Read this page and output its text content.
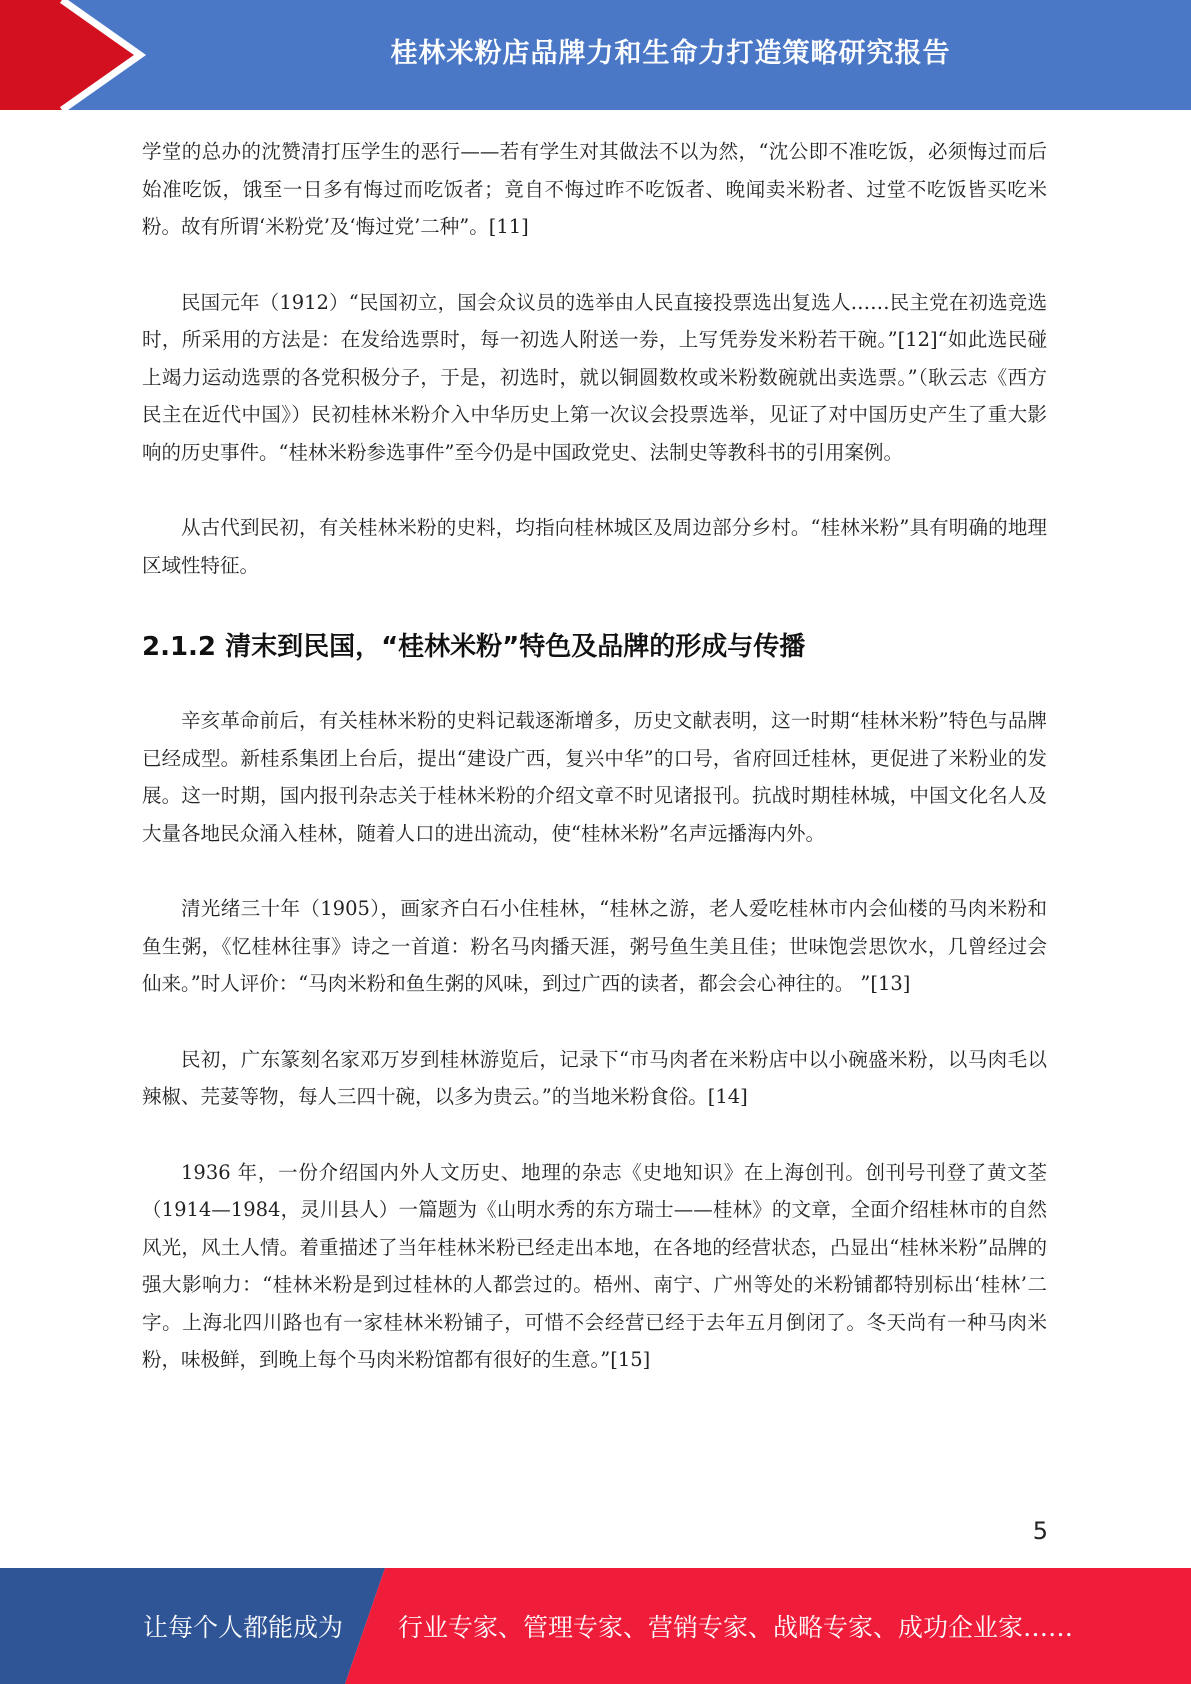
桂林米粉店品牌力和生命力打造策略研究报告

学堂的总办的沈赞清打压学生的恶行——若有学生对其做法不以为然，“沈公即不准吃饭，必须悔过而后始准吃饭，饿至一日多有悔过而吃饭者；竟自不悔过昨不吃饭者、晚闻卖米粉者、过堂不吃饭皆买吃米粉。故有所谓‘米粉党’及‘悔过党’二种”。[11]

民国元年（1912）“民国初立，国会众议员的选举由人民直接投票选出复选人……民主党在初选竞选时，所采用的方法是：在发给选票时，每一初选人附送一券，上写凭券发米粉若干碗。”[12]“如此选民碰上竭力运动选票的各党积极分子，于是，初选时，就以铜圆数枚或米粉数碗就出卖选票。”（耿云志《西方民主在近代中国》）民初桂林米粉介入中华历史上第一次议会投票选举，见证了对中国历史产生了重大影响的历史事件。“桂林米粉参选事件”至今仍是中国政党史、法制史等教科书的引用案例。

从古代到民初，有关桂林米粉的史料，均指向桂林城区及周边部分乡村。“桂林米粉”具有明确的地理区域性特征。

2.1.2 清末到民国，“桂林米粉”特色及品牌的形成与传播

辛亥革命前后，有关桂林米粉的史料记载逐渐增多，历史文献表明，这一时期“桂林米粉”特色与品牌已经成型。新桂系集团上台后，提出“建设广西，复兴中华”的口号，省府回迁桂林，更促进了米粉业的发展。这一时期，国内报刊杂志关于桂林米粉的介绍文章不时见诸报刊。抗战时期桂林城，中国文化名人及大量各地民众涌入桂林，随着人口的进出流动，使“桂林米粉”名声远播海内外。

清光绪三十年（1905），画家齐白石小住桂林，“桂林之游，老人爱吃桂林市内会仙楼的马肉米粉和鱼生粥，《忆桂林往事》诗之一首道：粉名马肉播天涯，粥号鱼生美且佳；世味饱尝思饮水，几曾经过会仙来。”时人评价：“马肉米粉和鱼生粥的风味，到过广西的读者，都会会心神往的。 ”[13]

民初，广东篆刻名家邓万岁到桂林游览后，记录下“市马肉者在米粉店中以小碗盛米粉，以马肉毛以辣椒、芫荽等物，每人三四十碗，以多为贵云。”的当地米粉食俗。[14]

1936 年，一份介绍国内外人文历史、地理的杂志《史地知识》在上海创刊。创刊号刊登了黄文荃（1914—1984，灵川县人）一篇题为《山明水秀的东方瑞士——桂林》的文章，全面介绍桂林市的自然风光，风土人情。着重描述了当年桂林米粉已经走出本地，在各地的经营状态，凸显出“桂林米粉”品牌的强大影响力：“桂林米粉是到过桂林的人都尝过的。梧州、南宁、广州等处的米粉铺都特别标出‘桂林’二字。上海北四川路也有一家桂林米粉铺子，可惜不会经营已经于去年五月倒闭了。冬天尚有一种马肉米粉，味极鲜，到晚上每个马肉米粉馆都有很好的生意。”[15]

5
让每个人都能成为 行业专家、管理专家、营销专家、战略专家、成功企业家……
